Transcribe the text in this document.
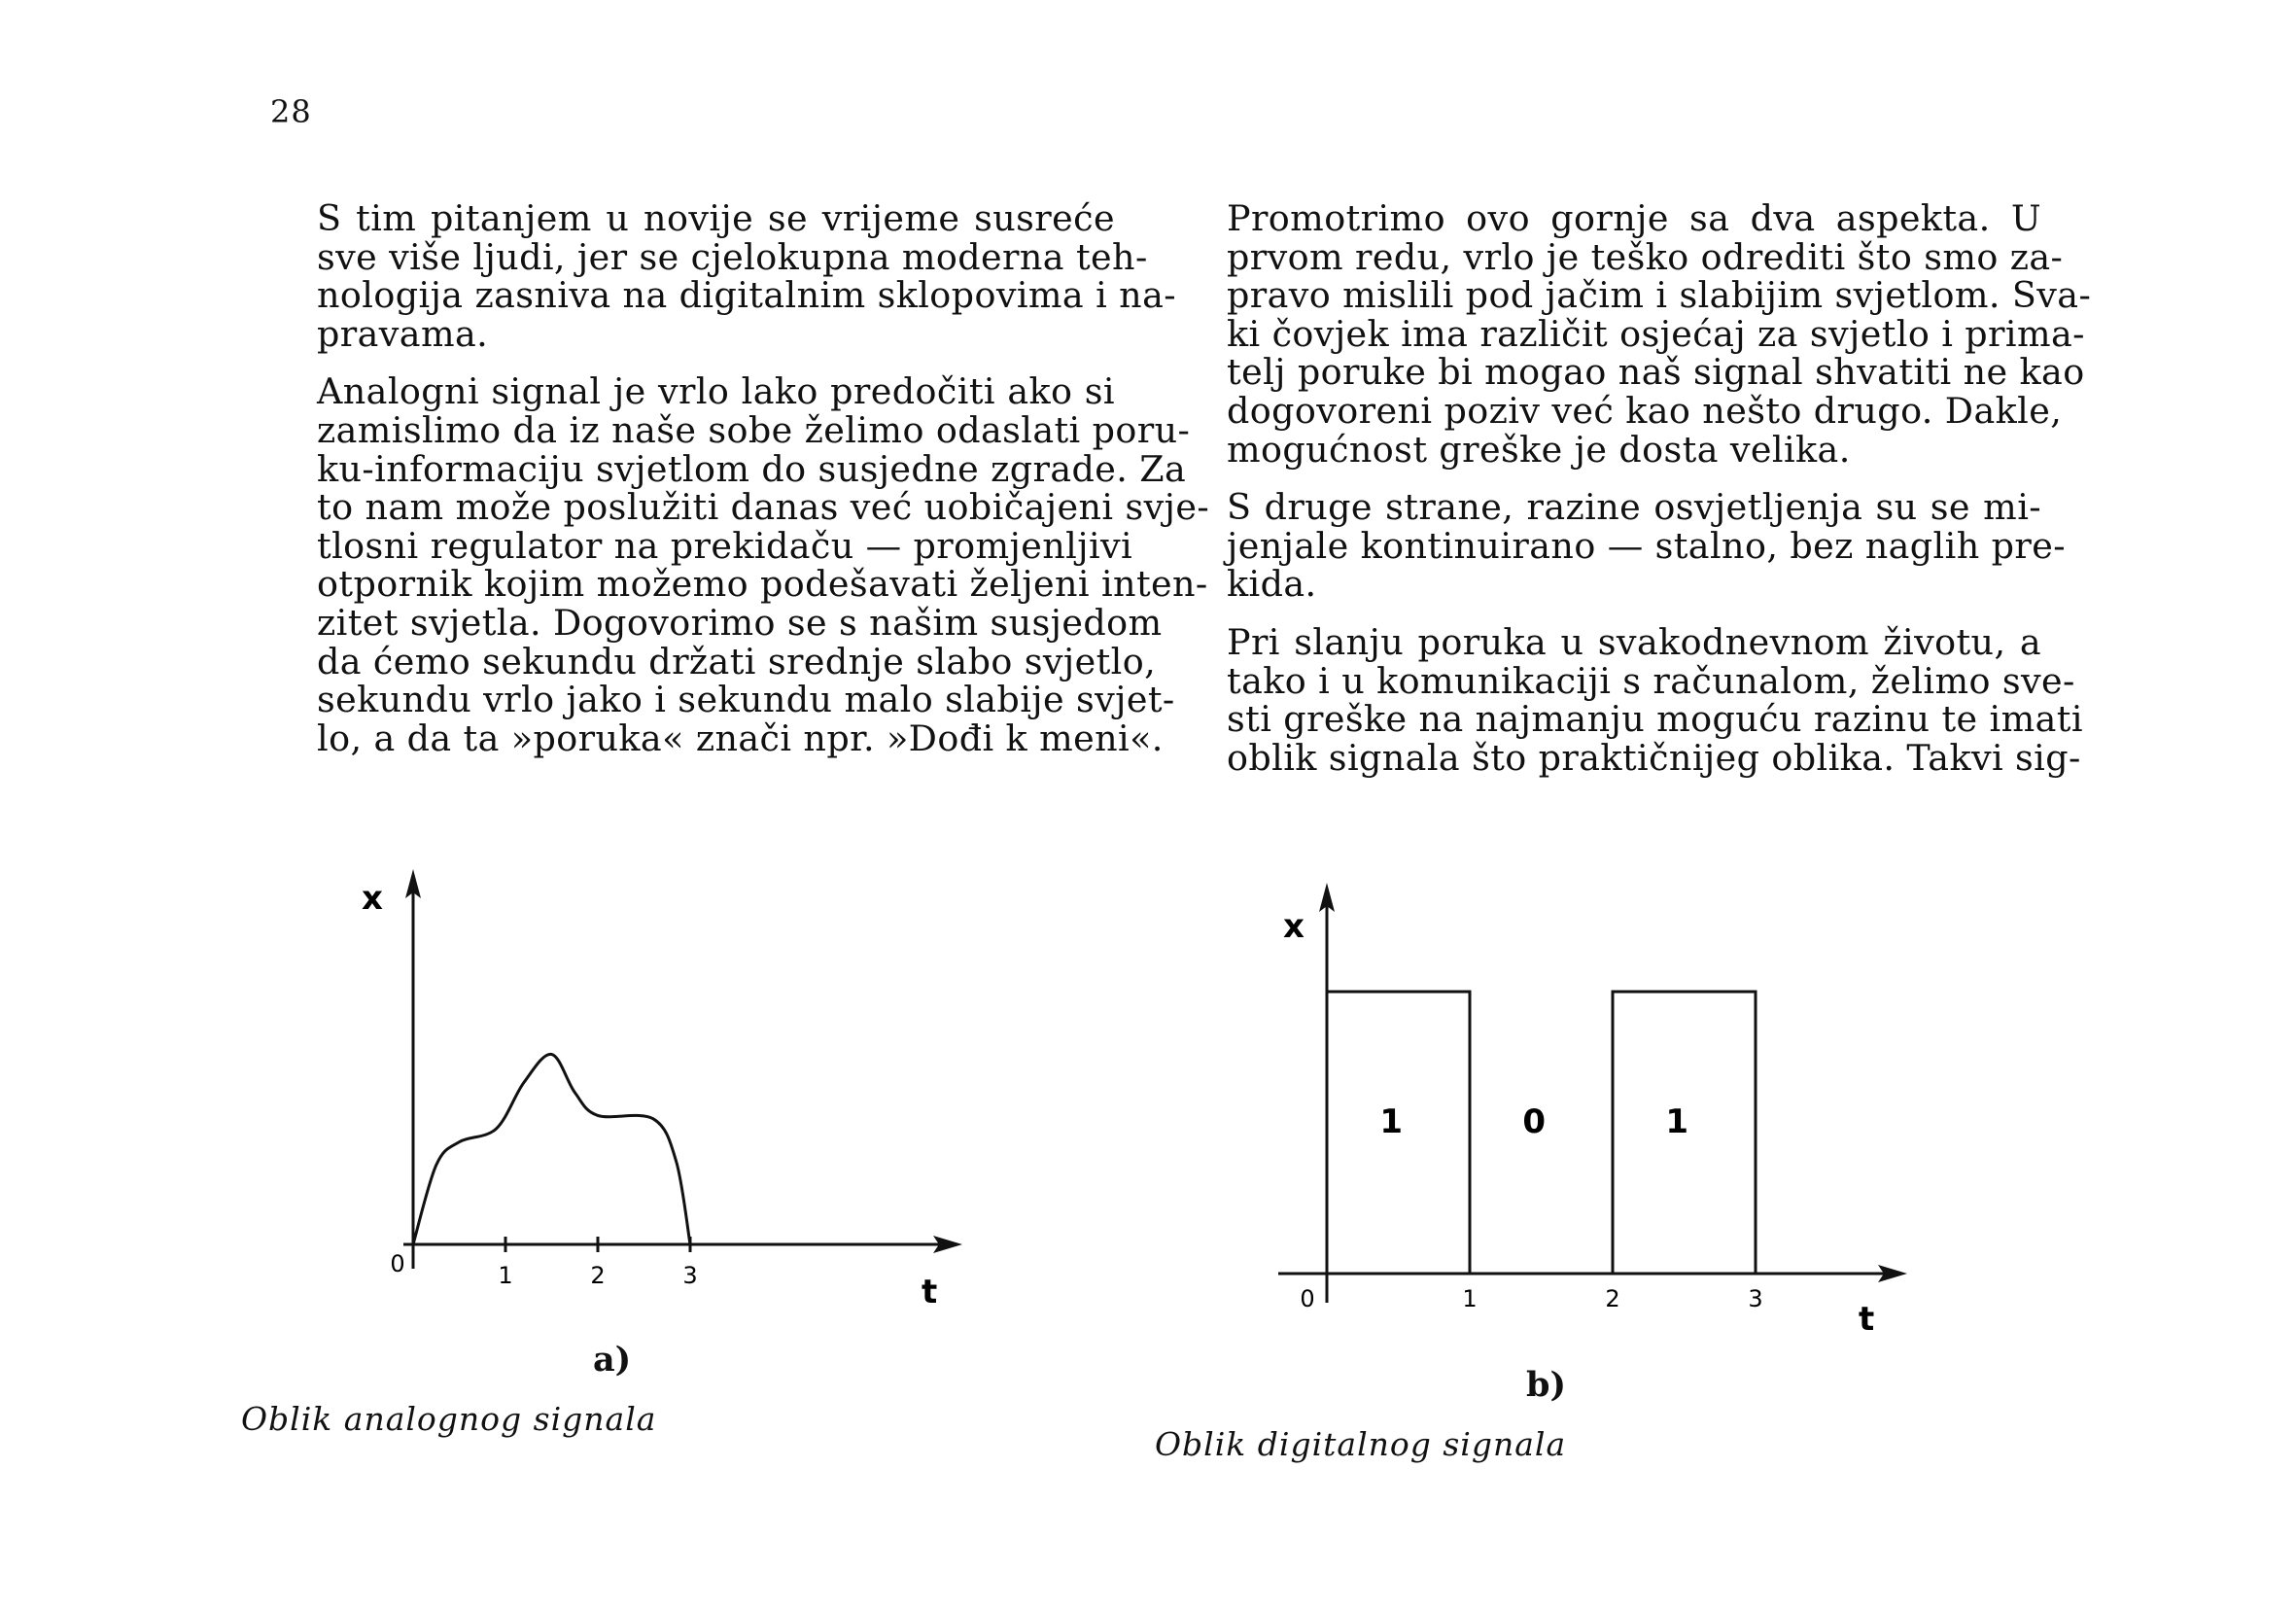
28

S tim pitanjem u novije se vrijeme susreće
sve više ljudi, jer se cjelokupna moderna teh-
nologija zasniva na digitalnim sklopovima i na-
pravama.

Analogni signal je vrlo lako predočiti ako si
zamislimo da iz naše sobe želimo odaslati poru-
ku-informaciju svjetlom do susjedne zgrade. Za
to nam može poslužiti danas već uobičajeni svje-
tlosni regulator na prekidaču — promjenljivi
otpornik kojim možemo podešavati željeni inten-
zitet svjetla. Dogovorimo se s našim susjedom
da ćemo sekundu držati srednje slabo svjetlo,
sekundu vrlo jako i sekundu malo slabije svjet-
lo, a da ta »poruka« znači npr. »Dođi k meni«.

Promotrimo ovo gornje sa dva aspekta. U
prvom redu, vrlo je teško odrediti što smo za-
pravo mislili pod jačim i slabijim svjetlom. Sva-
ki čovjek ima različit osjećaj za svjetlo i prima-
telj poruke bi mogao naš signal shvatiti ne kao
dogovoreni poziv već kao nešto drugo. Dakle,
mogućnost greške je dosta velika.

S druge strane, razine osvjetljenja su se mi-
jenjale kontinuirano — stalno, bez naglih pre-
kida.

Pri slanju poruka u svakodnevnom životu, a
tako i u komunikaciji s računalom, želimo sve-
sti greške na najmanju moguću razinu te imati
oblik signala što praktičnijeg oblika. Takvi sig-

x
t
0	1	2	3
a)
Oblik analognog signala
x
t
0	1	2	3
1	0	1
b)
Oblik digitalnog signala
